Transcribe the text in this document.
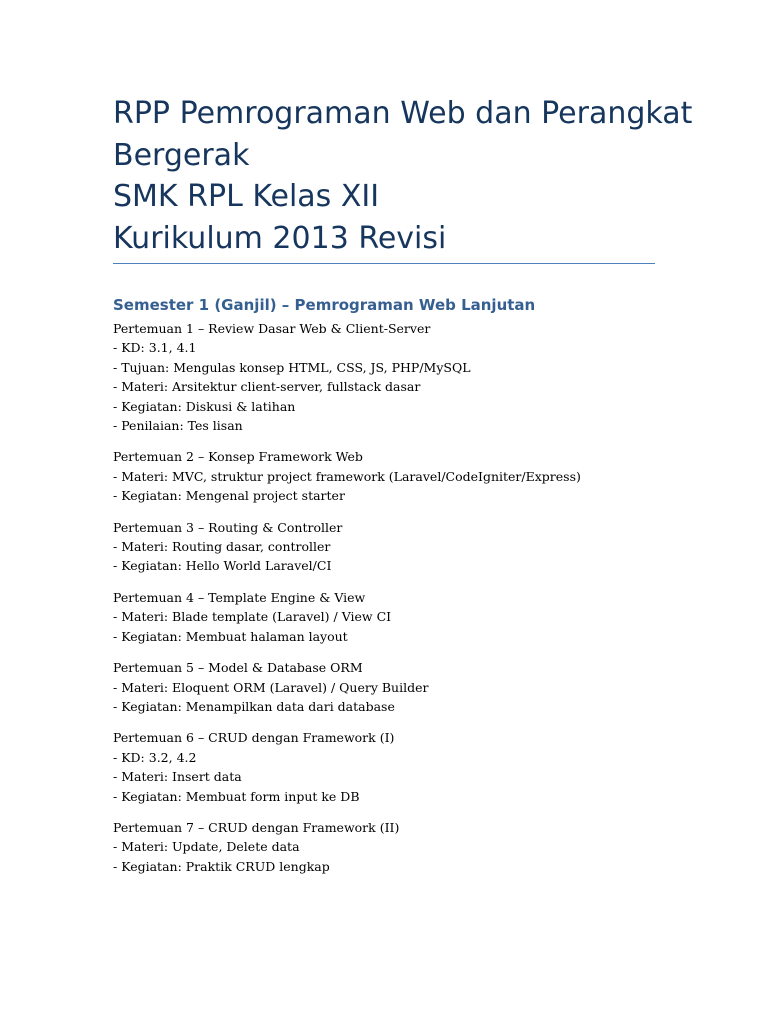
RPP Pemrograman Web dan Perangkat
Bergerak
SMK RPL Kelas XII
Kurikulum 2013 Revisi
Semester 1 (Ganjil) – Pemrograman Web Lanjutan
Pertemuan 1 – Review Dasar Web & Client-Server
- KD: 3.1, 4.1
- Tujuan: Mengulas konsep HTML, CSS, JS, PHP/MySQL
- Materi: Arsitektur client-server, fullstack dasar
- Kegiatan: Diskusi & latihan
- Penilaian: Tes lisan
Pertemuan 2 – Konsep Framework Web
- Materi: MVC, struktur project framework (Laravel/CodeIgniter/Express)
- Kegiatan: Mengenal project starter
Pertemuan 3 – Routing & Controller
- Materi: Routing dasar, controller
- Kegiatan: Hello World Laravel/CI
Pertemuan 4 – Template Engine & View
- Materi: Blade template (Laravel) / View CI
- Kegiatan: Membuat halaman layout
Pertemuan 5 – Model & Database ORM
- Materi: Eloquent ORM (Laravel) / Query Builder
- Kegiatan: Menampilkan data dari database
Pertemuan 6 – CRUD dengan Framework (I)
- KD: 3.2, 4.2
- Materi: Insert data
- Kegiatan: Membuat form input ke DB
Pertemuan 7 – CRUD dengan Framework (II)
- Materi: Update, Delete data
- Kegiatan: Praktik CRUD lengkap
